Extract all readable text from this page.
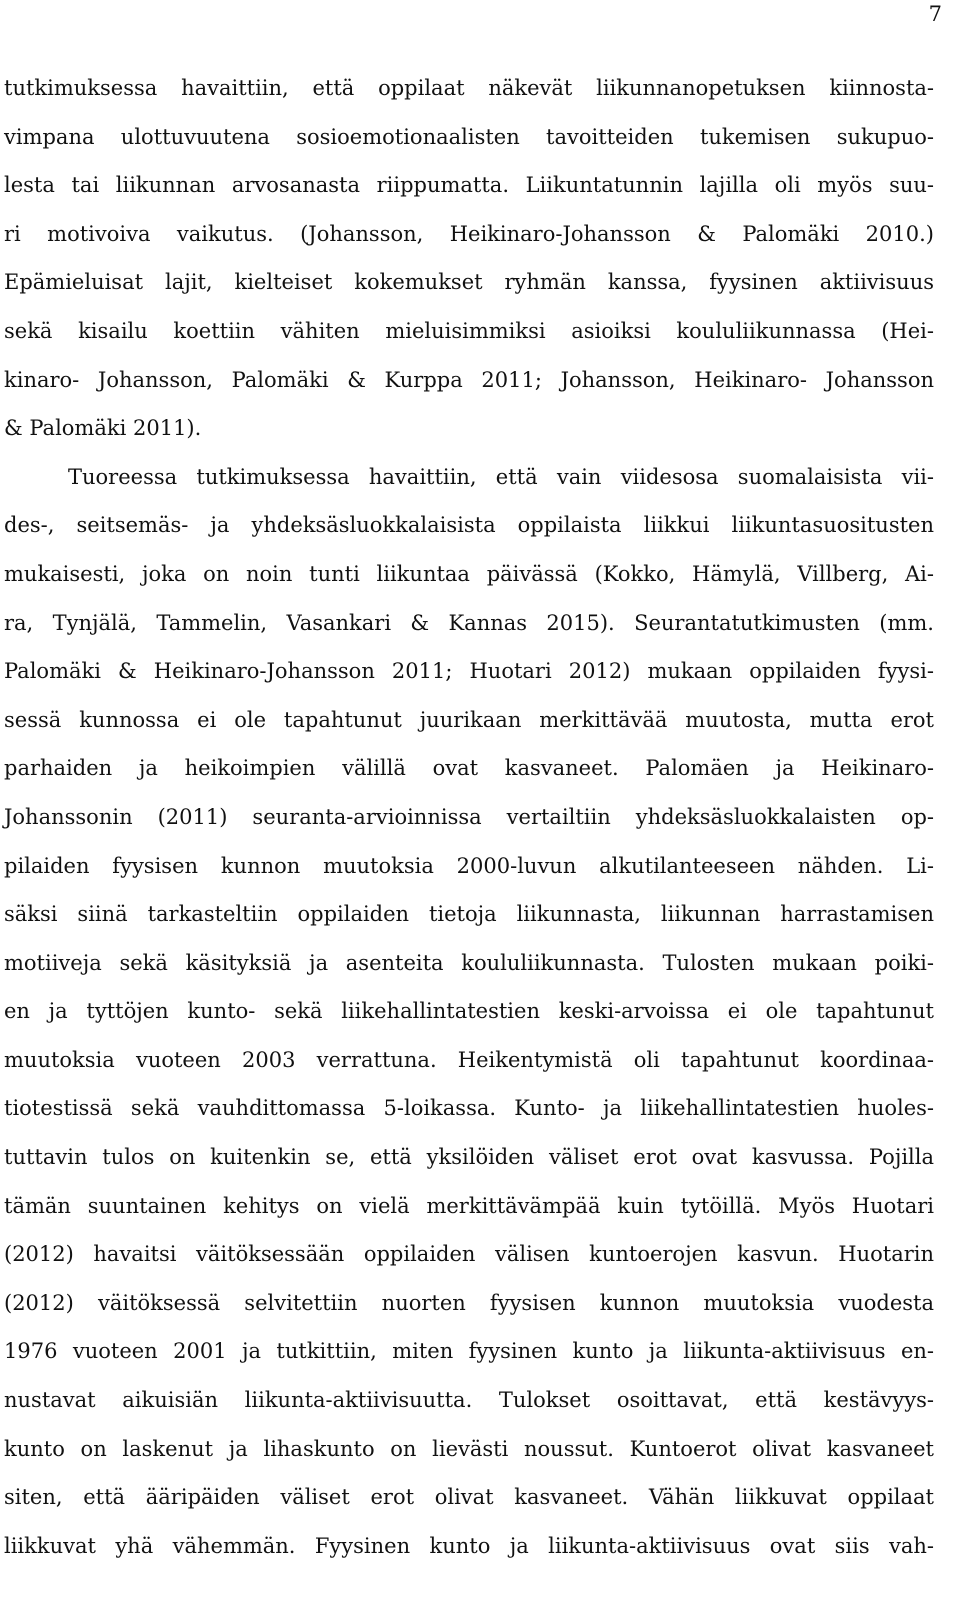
7
tutkimuksessa havaittiin, että oppilaat näkevät liikunnanopetuksen kiinnosta-
vimpana ulottuvuutena sosioemotionaalisten tavoitteiden tukemisen sukupuo-
lesta tai liikunnan arvosanasta riippumatta. Liikuntatunnin lajilla oli myös suu-
ri motivoiva vaikutus. (Johansson, Heikinaro-Johansson & Palomäki 2010.)
Epämieluisat lajit, kielteiset kokemukset ryhmän kanssa, fyysinen aktiivisuus
sekä kisailu koettiin vähiten mieluisimmiksi asioiksi koululiikunnassa (Hei-
kinaro- Johansson, Palomäki & Kurppa 2011; Johansson, Heikinaro- Johansson
& Palomäki 2011).
Tuoreessa tutkimuksessa havaittiin, että vain viidesosa suomalaisista vii-
des-, seitsemäs- ja yhdeksäsluokkalaisista oppilaista liikkui liikuntasuositusten
mukaisesti, joka on noin tunti liikuntaa päivässä (Kokko, Hämylä, Villberg, Ai-
ra, Tynjälä, Tammelin, Vasankari & Kannas 2015). Seurantatutkimusten (mm.
Palomäki & Heikinaro-Johansson 2011; Huotari 2012) mukaan oppilaiden fyysi-
sessä kunnossa ei ole tapahtunut juurikaan merkittävää muutosta, mutta erot
parhaiden ja heikoimpien välillä ovat kasvaneet. Palomäen ja Heikinaro-
Johanssonin (2011) seuranta-arvioinnissa vertailtiin yhdeksäsluokkalaisten op-
pilaiden fyysisen kunnon muutoksia 2000-luvun alkutilanteeseen nähden. Li-
säksi siinä tarkasteltiin oppilaiden tietoja liikunnasta, liikunnan harrastamisen
motiiveja sekä käsityksiä ja asenteita koululiikunnasta. Tulosten mukaan poiki-
en ja tyttöjen kunto- sekä liikehallintatestien keski-arvoissa ei ole tapahtunut
muutoksia vuoteen 2003 verrattuna. Heikentymistä oli tapahtunut koordinaa-
tiotestissä sekä vauhdittomassa 5-loikassa. Kunto- ja liikehallintatestien huoles-
tuttavin tulos on kuitenkin se, että yksilöiden väliset erot ovat kasvussa. Pojilla
tämän suuntainen kehitys on vielä merkittävämpää kuin tytöillä. Myös Huotari
(2012) havaitsi väitöksessään oppilaiden välisen kuntoerojen kasvun. Huotarin
(2012) väitöksessä selvitettiin nuorten fyysisen kunnon muutoksia vuodesta
1976 vuoteen 2001 ja tutkittiin, miten fyysinen kunto ja liikunta-aktiivisuus en-
nustavat aikuisiän liikunta-aktiivisuutta. Tulokset osoittavat, että kestävyys-
kunto on laskenut ja lihaskunto on lievästi noussut. Kuntoerot olivat kasvaneet
siten, että ääripäiden väliset erot olivat kasvaneet. Vähän liikkuvat oppilaat
liikkuvat yhä vähemmän. Fyysinen kunto ja liikunta-aktiivisuus ovat siis vah-
